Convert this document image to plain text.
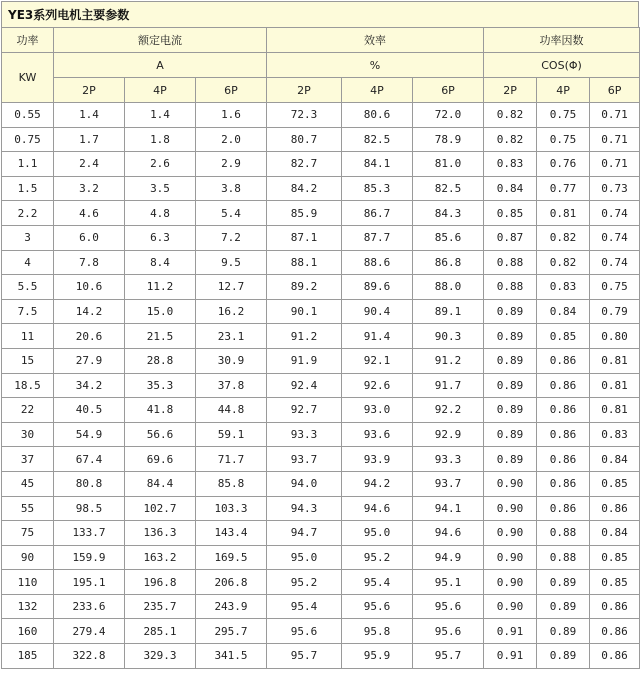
YE3系列电机主要参数
功率	额定电流			效率			功率因数		
KW	A			%			COS(Φ)		
	2P	4P	6P	2P	4P	6P	2P	4P	6P
0.55	1.4	1.4	1.6	72.3	80.6	72.0	0.82	0.75	0.71
0.75	1.7	1.8	2.0	80.7	82.5	78.9	0.82	0.75	0.71
1.1	2.4	2.6	2.9	82.7	84.1	81.0	0.83	0.76	0.71
1.5	3.2	3.5	3.8	84.2	85.3	82.5	0.84	0.77	0.73
2.2	4.6	4.8	5.4	85.9	86.7	84.3	0.85	0.81	0.74
3	6.0	6.3	7.2	87.1	87.7	85.6	0.87	0.82	0.74
4	7.8	8.4	9.5	88.1	88.6	86.8	0.88	0.82	0.74
5.5	10.6	11.2	12.7	89.2	89.6	88.0	0.88	0.83	0.75
7.5	14.2	15.0	16.2	90.1	90.4	89.1	0.89	0.84	0.79
11	20.6	21.5	23.1	91.2	91.4	90.3	0.89	0.85	0.80
15	27.9	28.8	30.9	91.9	92.1	91.2	0.89	0.86	0.81
18.5	34.2	35.3	37.8	92.4	92.6	91.7	0.89	0.86	0.81
22	40.5	41.8	44.8	92.7	93.0	92.2	0.89	0.86	0.81
30	54.9	56.6	59.1	93.3	93.6	92.9	0.89	0.86	0.83
37	67.4	69.6	71.7	93.7	93.9	93.3	0.89	0.86	0.84
45	80.8	84.4	85.8	94.0	94.2	93.7	0.90	0.86	0.85
55	98.5	102.7	103.3	94.3	94.6	94.1	0.90	0.86	0.86
75	133.7	136.3	143.4	94.7	95.0	94.6	0.90	0.88	0.84
90	159.9	163.2	169.5	95.0	95.2	94.9	0.90	0.88	0.85
110	195.1	196.8	206.8	95.2	95.4	95.1	0.90	0.89	0.85
132	233.6	235.7	243.9	95.4	95.6	95.6	0.90	0.89	0.86
160	279.4	285.1	295.7	95.6	95.8	95.6	0.91	0.89	0.86
185	322.8	329.3	341.5	95.7	95.9	95.7	0.91	0.89	0.86
